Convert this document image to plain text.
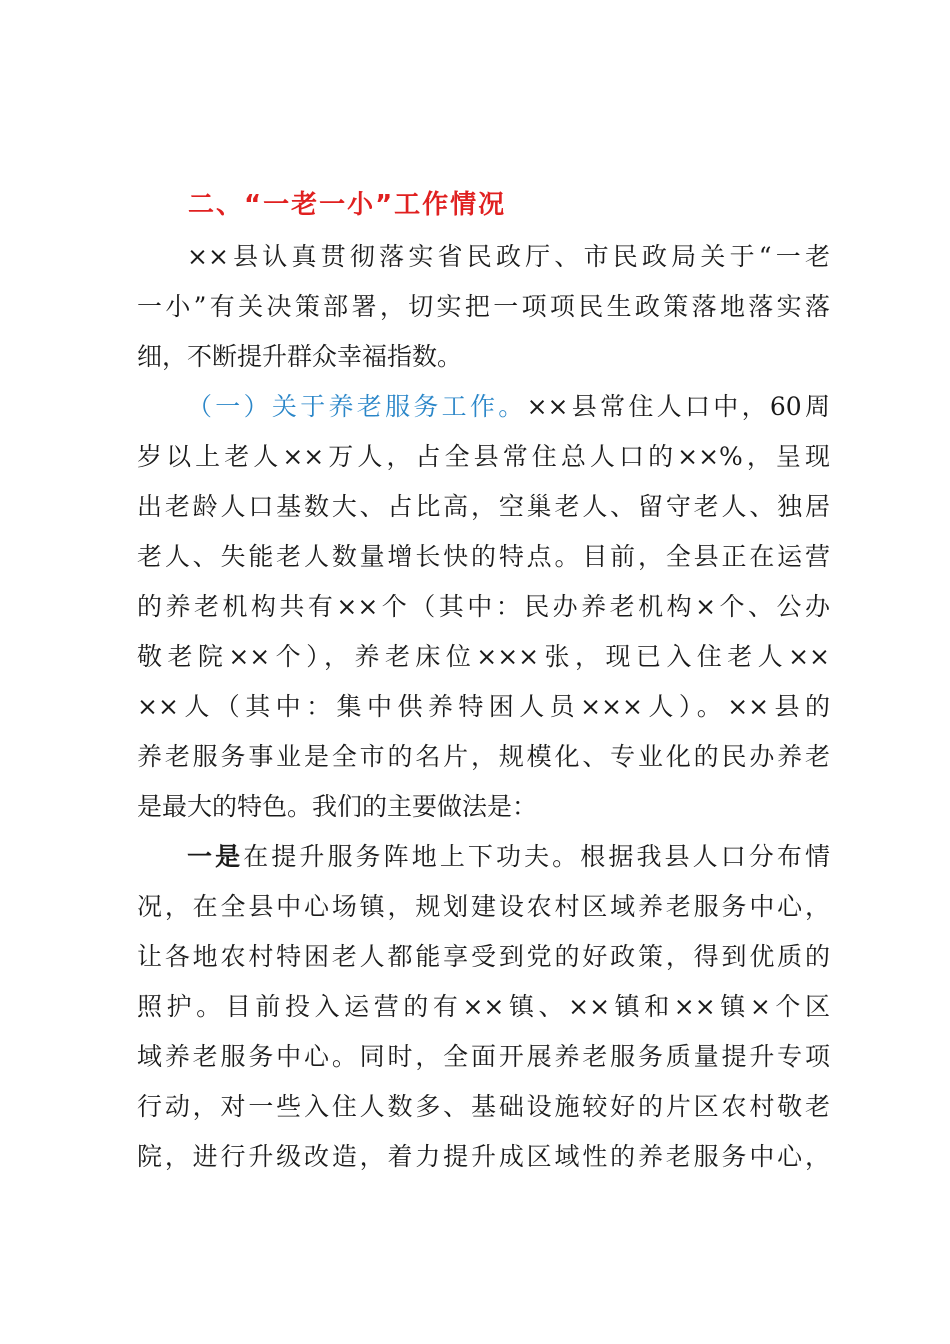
二、“一老一小”工作情况
××县认真贯彻落实省民政厅、市民政局关于“一老
一小”有关决策部署，切实把一项项民生政策落地落实落
细，不断提升群众幸福指数。
（一）关于养老服务工作。××县常住人口中，60周
岁以上老人××万人，占全县常住总人口的××%，呈现
出老龄人口基数大、占比高，空巢老人、留守老人、独居
老人、失能老人数量增长快的特点。目前，全县正在运营
的养老机构共有××个（其中：民办养老机构×个、公办
敬老院××个），养老床位×××张，现已入住老人××
××人（其中：集中供养特困人员×××人）。××县的
养老服务事业是全市的名片，规模化、专业化的民办养老
是最大的特色。我们的主要做法是：
一是在提升服务阵地上下功夫。根据我县人口分布情
况，在全县中心场镇，规划建设农村区域养老服务中心，
让各地农村特困老人都能享受到党的好政策，得到优质的
照护。目前投入运营的有××镇、××镇和××镇×个区
域养老服务中心。同时，全面开展养老服务质量提升专项
行动，对一些入住人数多、基础设施较好的片区农村敬老
院，进行升级改造，着力提升成区域性的养老服务中心，
